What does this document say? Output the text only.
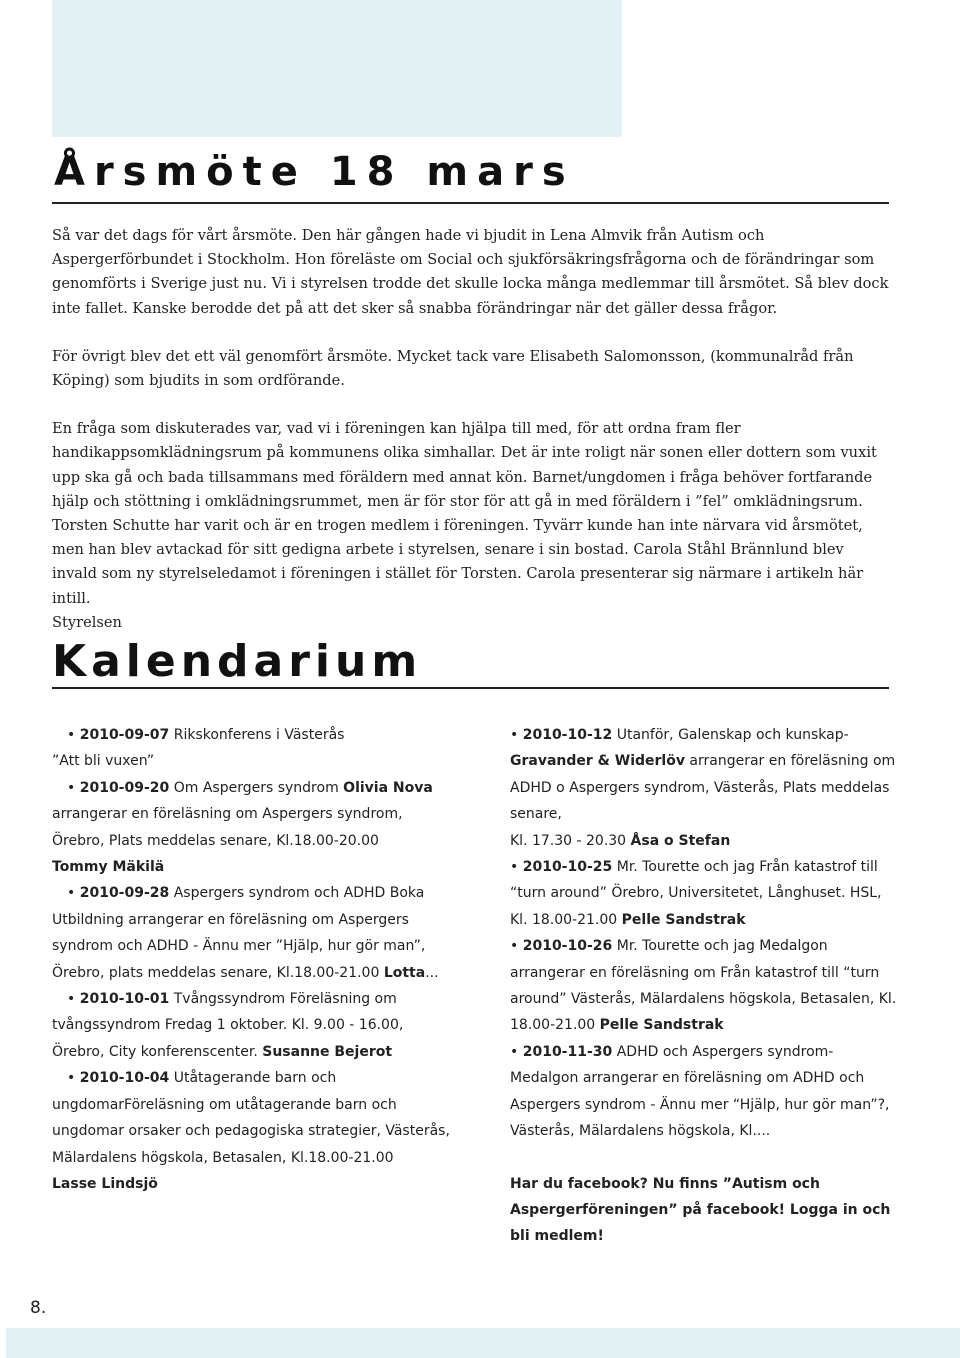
Årsmöte 18 mars

Så var det dags för vårt årsmöte. Den här gången hade vi bjudit in Lena Almvik från Autism och Aspergerförbundet i Stockholm. Hon föreläste om Social och sjukförsäkringsfrågorna och de förändringar som genomförts i Sverige just nu. Vi i styrelsen trodde det skulle locka många medlemmar till årsmötet. Så blev dock inte fallet. Kanske berodde det på att det sker så snabba förändringar när det gäller dessa frågor.

För övrigt blev det ett väl genomfört årsmöte. Mycket tack vare Elisabeth Salomonsson, (kommunalråd från Köping) som bjudits in som ordförande.

En fråga som diskuterades var, vad vi i föreningen kan hjälpa till med, för att ordna fram fler handikappsomklädningsrum på kommunens olika simhallar. Det är inte roligt när sonen eller dottern som vuxit upp ska gå och bada tillsammans med föräldern med annat kön. Barnet/ungdomen i fråga behöver fortfarande hjälp och stöttning i omklädningsrummet, men är för stor för att gå in med föräldern i ”fel” omklädningsrum.
Torsten Schutte har varit och är en trogen medlem i föreningen. Tyvärr kunde han inte närvara vid årsmötet, men han blev avtackad för sitt gedigna arbete i styrelsen, senare i sin bostad. Carola Ståhl Brännlund blev invald som ny styrelseledamot i föreningen i stället för Torsten. Carola presenterar sig närmare i artikeln här intill.
Styrelsen

Kalendarium

• 2010-09-07 Rikskonferens i Västerås

”Att bli vuxen”

• 2010-09-20 Om Aspergers syndrom Olivia Nova arrangerar en föreläsning om Aspergers syndrom, Örebro, Plats meddelas senare, Kl.18.00-20.00
Tommy Mäkilä

• 2010-09-28 Aspergers syndrom och ADHD Boka Utbildning arrangerar en föreläsning om Aspergers syndrom och ADHD - Ännu mer ”Hjälp, hur gör man”, Örebro, plats meddelas senare, Kl.18.00-21.00 Lotta...

• 2010-10-01 Tvångssyndrom Föreläsning om tvångssyndrom Fredag 1 oktober. Kl. 9.00 - 16.00, Örebro, City konferenscenter. Susanne Bejerot

• 2010-10-04 Utåtagerande barn och ungdomarFöreläsning om utåtagerande barn och ungdomar orsaker och pedagogiska strategier, Västerås, Mälardalens högskola, Betasalen, Kl.18.00-21.00
Lasse Lindsjö

• 2010-10-12 Utanför, Galenskap och kunskap-
Gravander & Widerlöv arrangerar en föreläsning om ADHD o Aspergers syndrom, Västerås, Plats meddelas senare,
Kl. 17.30 - 20.30 Åsa o Stefan

• 2010-10-25 Mr. Tourette och jag Från katastrof till “turn around” Örebro, Universitetet, Långhuset. HSL, Kl. 18.00-21.00 Pelle Sandstrak

• 2010-10-26 Mr. Tourette och jag Medalgon arrangerar en föreläsning om Från katastrof till “turn around” Västerås, Mälardalens högskola, Betasalen, Kl. 18.00-21.00 Pelle Sandstrak

• 2010-11-30 ADHD och Aspergers syndrom-Medalgon arrangerar en föreläsning om ADHD och Aspergers syndrom - Ännu mer “Hjälp, hur gör man”?, Västerås, Mälardalens högskola, Kl....

Har du facebook? Nu finns ”Autism och Aspergerföreningen” på facebook! Logga in och bli medlem!

8.
